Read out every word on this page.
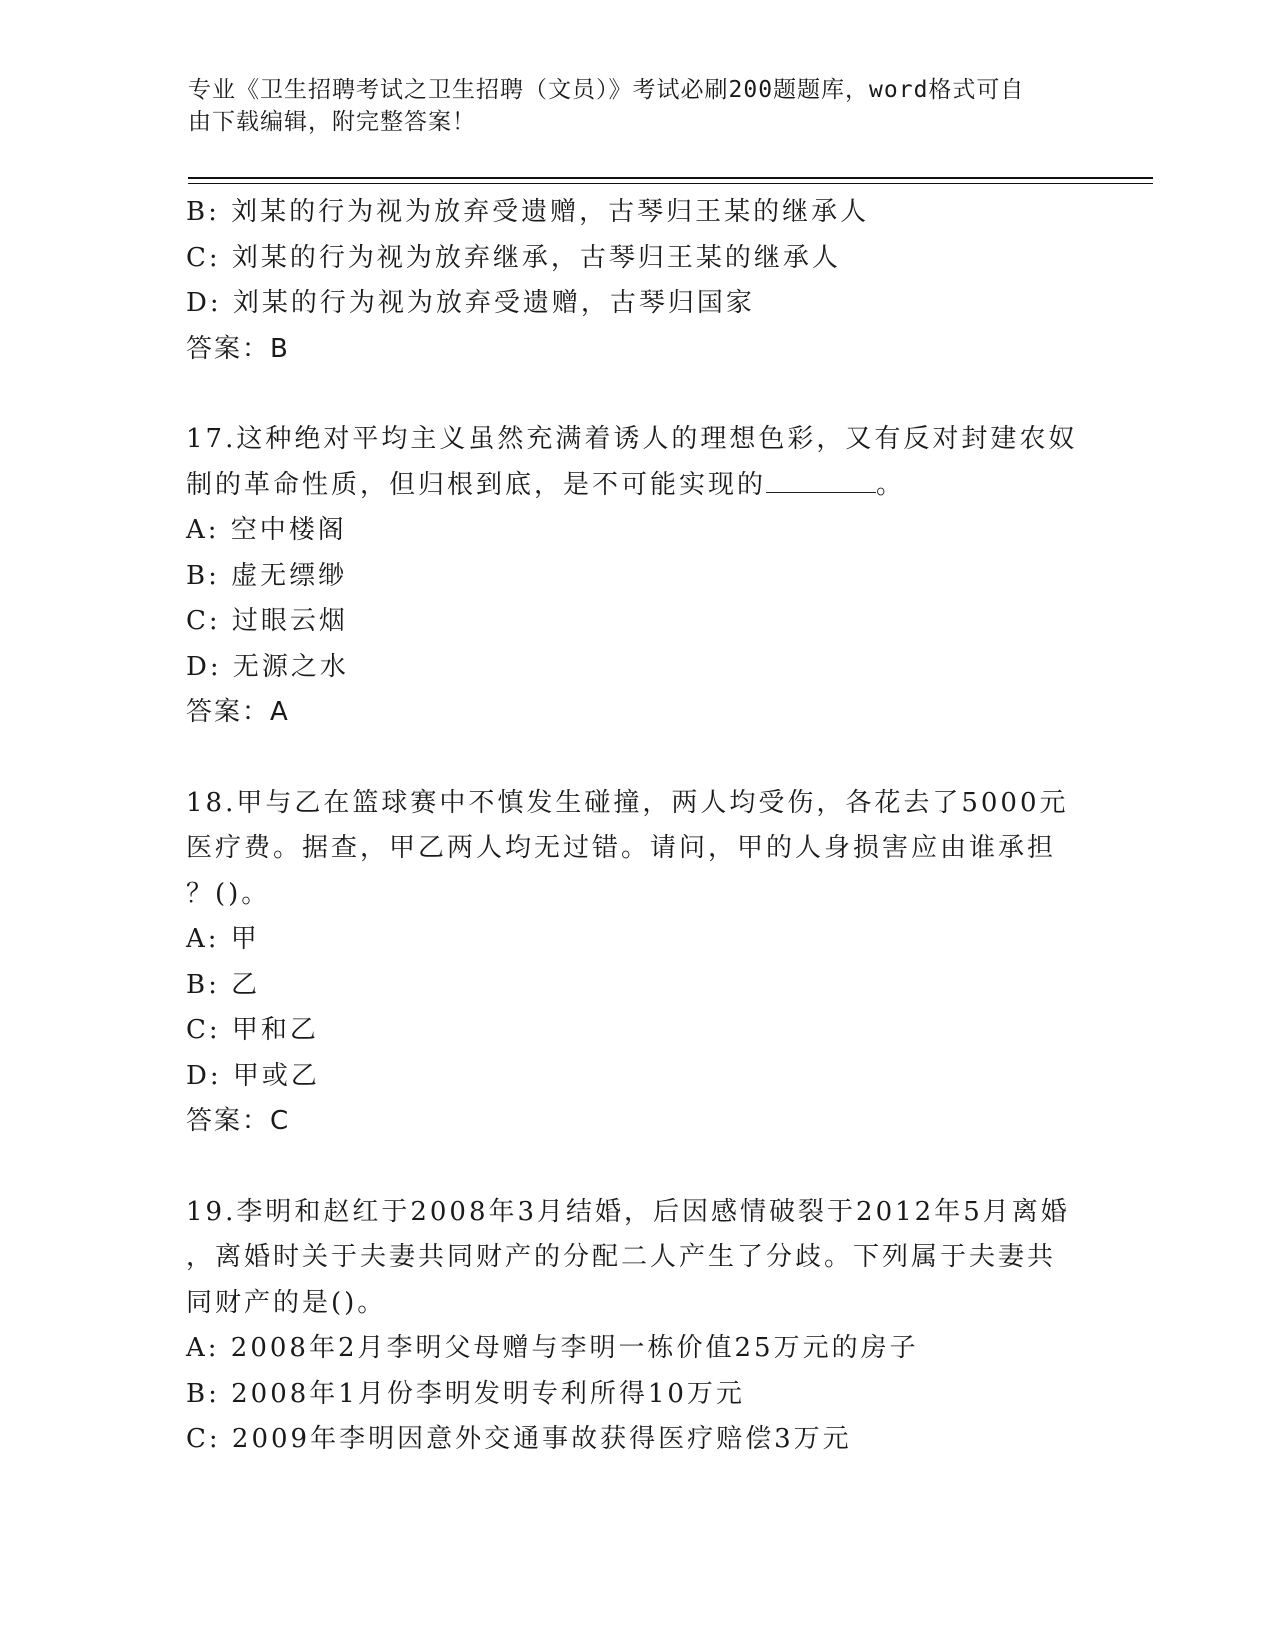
专业《卫生招聘考试之卫生招聘（文员）》考试必刷200题题库，word格式可自
由下载编辑，附完整答案！
B: 刘某的行为视为放弃受遗赠，古琴归王某的继承人
C: 刘某的行为视为放弃继承，古琴归王某的继承人
D: 刘某的行为视为放弃受遗赠，古琴归国家
答案：B
17.这种绝对平均主义虽然充满着诱人的理想色彩，又有反对封建农奴
制的革命性质，但归根到底，是不可能实现的	。
A: 空中楼阁
B: 虚无缥缈
C: 过眼云烟
D: 无源之水
答案：A
18.甲与乙在篮球赛中不慎发生碰撞，两人均受伤，各花去了5000元
医疗费。据查，甲乙两人均无过错。请问，甲的人身损害应由谁承担
？()。
A: 甲
B: 乙
C: 甲和乙
D: 甲或乙
答案：C
19.李明和赵红于2008年3月结婚，后因感情破裂于2012年5月离婚
，离婚时关于夫妻共同财产的分配二人产生了分歧。下列属于夫妻共
同财产的是()。
A: 2008年2月李明父母赠与李明一栋价值25万元的房子
B: 2008年1月份李明发明专利所得10万元
C: 2009年李明因意外交通事故获得医疗赔偿3万元
